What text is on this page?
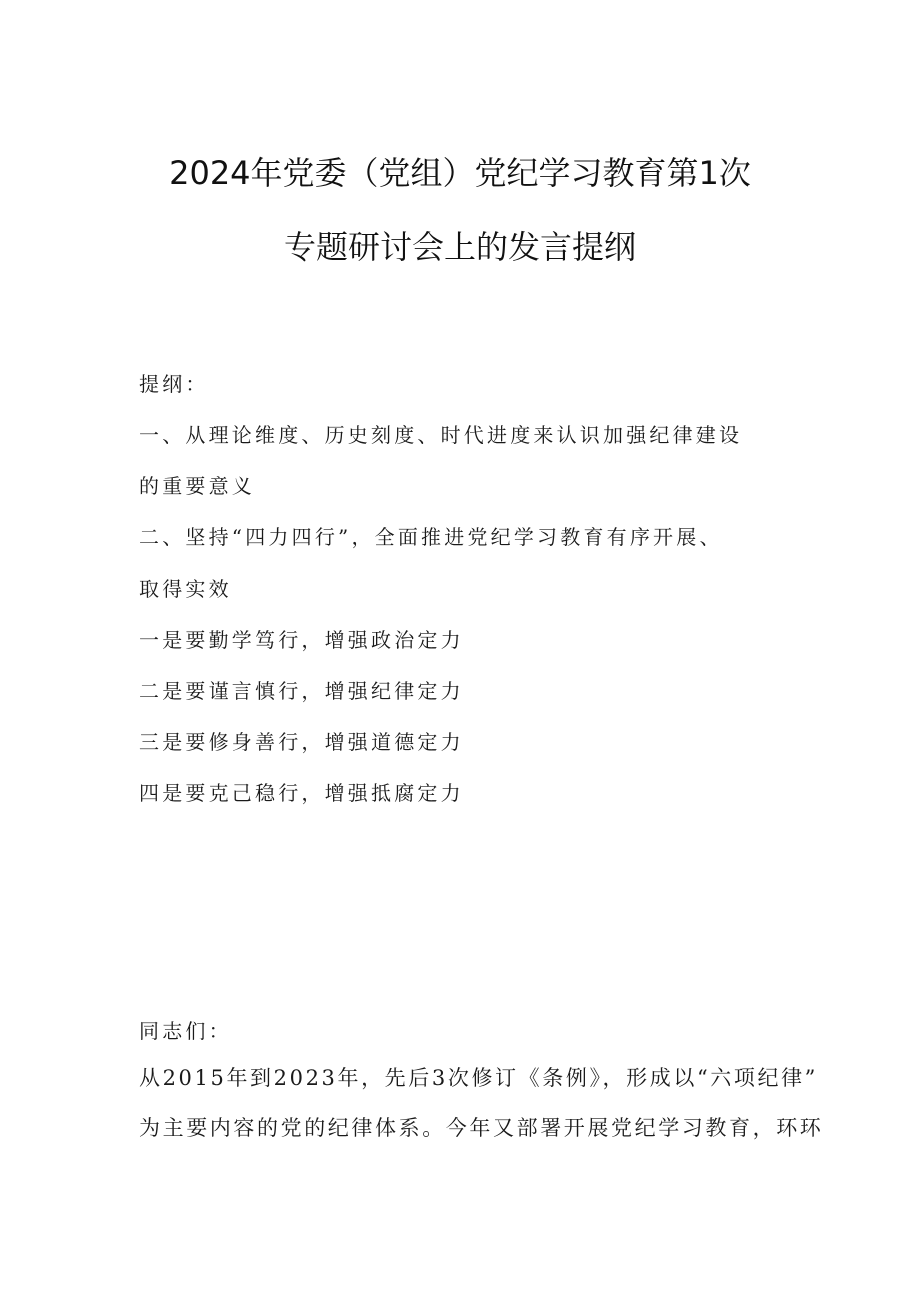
2024年党委（党组）党纪学习教育第1次
专题研讨会上的发言提纲

提纲：

一、从理论维度、历史刻度、时代进度来认识加强纪律建设

的重要意义

二、坚持“四力四行”，全面推进党纪学习教育有序开展、

取得实效

一是要勤学笃行，增强政治定力

二是要谨言慎行，增强纪律定力

三是要修身善行，增强道德定力

四是要克己稳行，增强抵腐定力

同志们：

从2015年到2023年，先后3次修订《条例》，形成以“六项纪律”

为主要内容的党的纪律体系。今年又部署开展党纪学习教育，环环
